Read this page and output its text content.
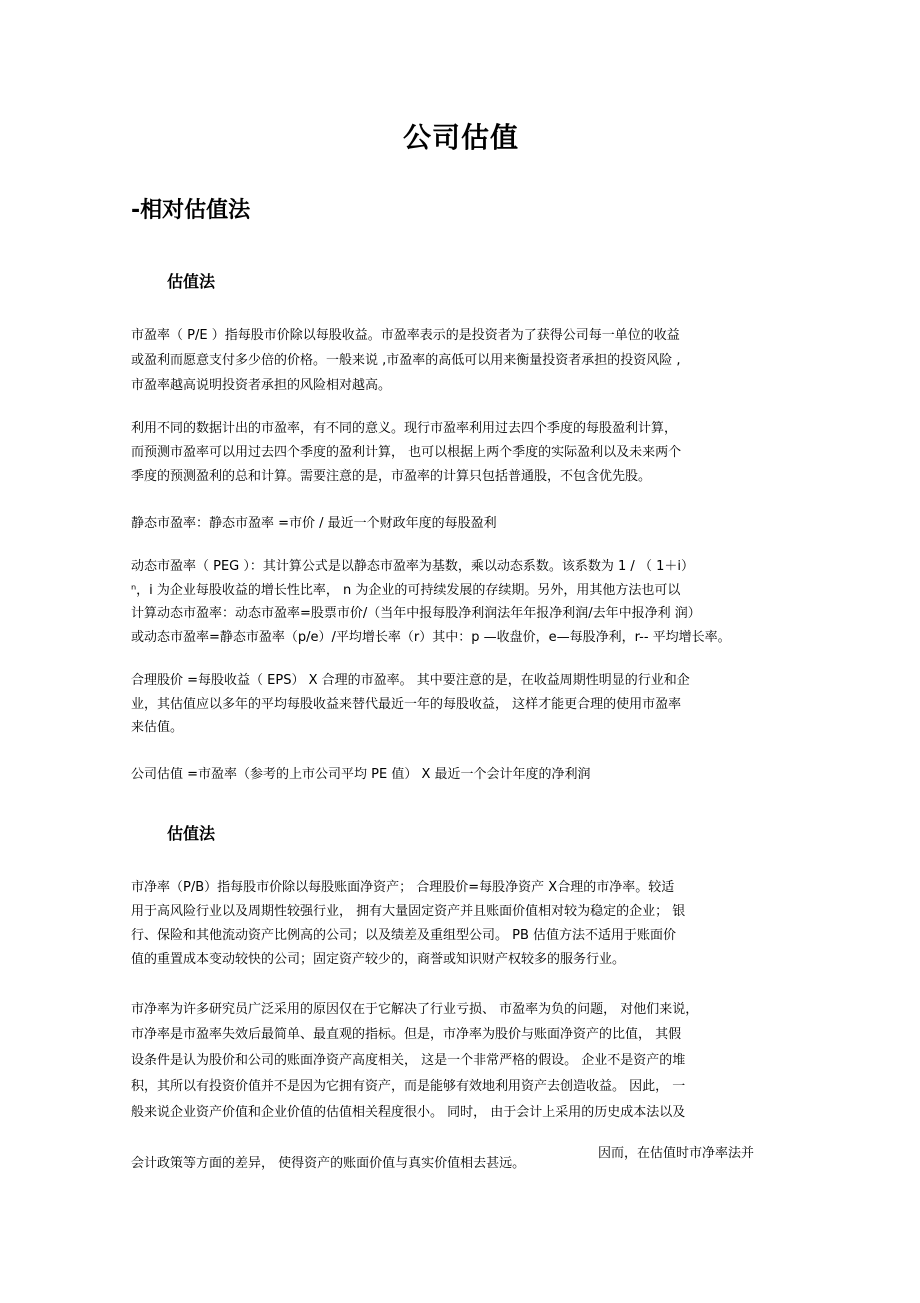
公司估值
-相对估值法
估值法

市盈率（ P/E ）指每股市价除以每股收益。市盈率表示的是投资者为了获得公司每一单位的收益

或盈利而愿意支付多少倍的价格。一般来说 ,市盈率的高低可以用来衡量投资者承担的投资风险 ,

市盈率越高说明投资者承担的风险相对越高。

利用不同的数据计出的市盈率，有不同的意义。现行市盈率利用过去四个季度的每股盈利计算，

而预测市盈率可以用过去四个季度的盈利计算， 也可以根据上两个季度的实际盈利以及未来两个

季度的预测盈利的总和计算。需要注意的是，市盈率的计算只包括普通股，不包含优先股。

静态市盈率：静态市盈率 =市价 / 最近一个财政年度的每股盈利

动态市盈率（ PEG ）：其计算公式是以静态市盈率为基数，乘以动态系数。该系数为 1 / （ 1＋i）

ⁿ，i 为企业每股收益的增长性比率， n 为企业的可持续发展的存续期。另外，用其他方法也可以

计算动态市盈率：动态市盈率=股票市价/（当年中报每股净利润法年年报净利润/去年中报净利 润）

或动态市盈率=静态市盈率（p/e）/平均增长率（r）其中：p —收盘价，e—每股净利，r-- 平均增长率。

合理股价 =每股收益（ EPS） X 合理的市盈率。 其中要注意的是，在收益周期性明显的行业和企

业，其估值应以多年的平均每股收益来替代最近一年的每股收益， 这样才能更合理的使用市盈率

来估值。

公司估值 =市盈率（参考的上市公司平均 PE 值） X 最近一个会计年度的净利润

估值法

市净率（P/B）指每股市价除以每股账面净资产； 合理股价=每股净资产 X合理的市净率。较适

用于高风险行业以及周期性较强行业， 拥有大量固定资产并且账面价值相对较为稳定的企业； 银

行、保险和其他流动资产比例高的公司；以及绩差及重组型公司。 PB 估值方法不适用于账面价

值的重置成本变动较快的公司；固定资产较少的，商誉或知识财产权较多的服务行业。

市净率为许多研究员广泛采用的原因仅在于它解决了行业亏损、 市盈率为负的问题， 对他们来说，

市净率是市盈率失效后最简单、最直观的指标。但是，市净率为股价与账面净资产的比值， 其假

设条件是认为股价和公司的账面净资产高度相关， 这是一个非常严格的假设。 企业不是资产的堆

积，其所以有投资价值并不是因为它拥有资产，而是能够有效地利用资产去创造收益。 因此， 一

般来说企业资产价值和企业价值的估值相关程度很小。 同时， 由于会计上采用的历史成本法以及

会计政策等方面的差异， 使得资产的账面价值与真实价值相去甚远。

因而，在估值时市净率法并
